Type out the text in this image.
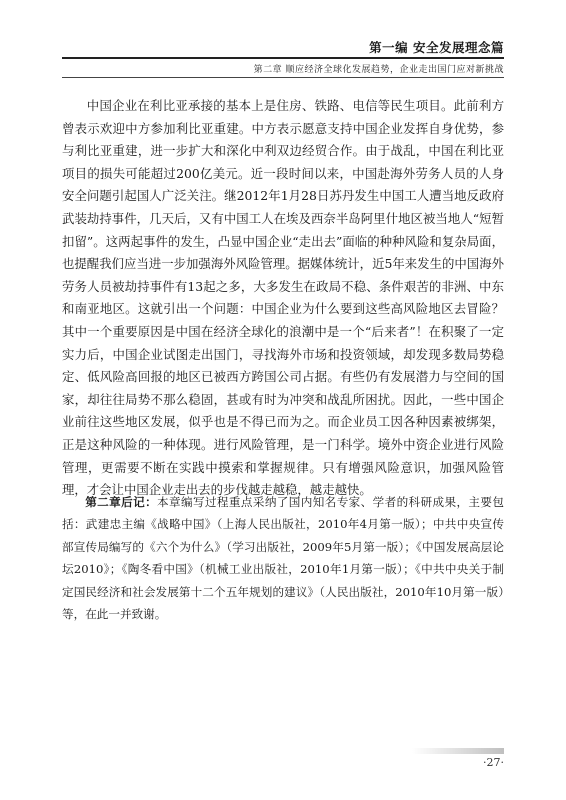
第一编 安全发展理念篇
第二章 顺应经济全球化发展趋势，企业走出国门应对新挑战

中国企业在利比亚承接的基本上是住房、铁路、电信等民生项目。此前利方曾表示欢迎中方参加利比亚重建。中方表示愿意支持中国企业发挥自身优势，参与利比亚重建，进一步扩大和深化中利双边经贸合作。由于战乱，中国在利比亚项目的损失可能超过200亿美元。近一段时间以来，中国赴海外劳务人员的人身安全问题引起国人广泛关注。继2012年1月28日苏丹发生中国工人遭当地反政府武装劫持事件，几天后，又有中国工人在埃及西奈半岛阿里什地区被当地人“短暂扣留”。这两起事件的发生，凸显中国企业“走出去”面临的种种风险和复杂局面，也提醒我们应当进一步加强海外风险管理。据媒体统计，近5年来发生的中国海外劳务人员被劫持事件有13起之多，大多发生在政局不稳、条件艰苦的非洲、中东和南亚地区。这就引出一个问题：中国企业为什么要到这些高风险地区去冒险？其中一个重要原因是中国在经济全球化的浪潮中是一个“后来者”！在积聚了一定实力后，中国企业试图走出国门，寻找海外市场和投资领域，却发现多数局势稳定、低风险高回报的地区已被西方跨国公司占据。有些仍有发展潜力与空间的国家，却往往局势不那么稳固，甚或有时为冲突和战乱所困扰。因此，一些中国企业前往这些地区发展，似乎也是不得已而为之。而企业员工因各种因素被绑架，正是这种风险的一种体现。进行风险管理，是一门科学。境外中资企业进行风险管理，更需要不断在实践中摸索和掌握规律。只有增强风险意识，加强风险管理，才会让中国企业走出去的步伐越走越稳，越走越快。

第二章后记：本章编写过程重点采纳了国内知名专家、学者的科研成果，主要包括：武建忠主编《战略中国》（上海人民出版社，2010年4月第一版）；中共中央宣传部宣传局编写的《六个为什么》（学习出版社，2009年5月第一版）；《中国发展高层论坛2010》；《陶冬看中国》（机械工业出版社，2010年1月第一版）；《中共中央关于制定国民经济和社会发展第十二个五年规划的建议》（人民出版社，2010年10月第一版）等，在此一并致谢。

·27·
